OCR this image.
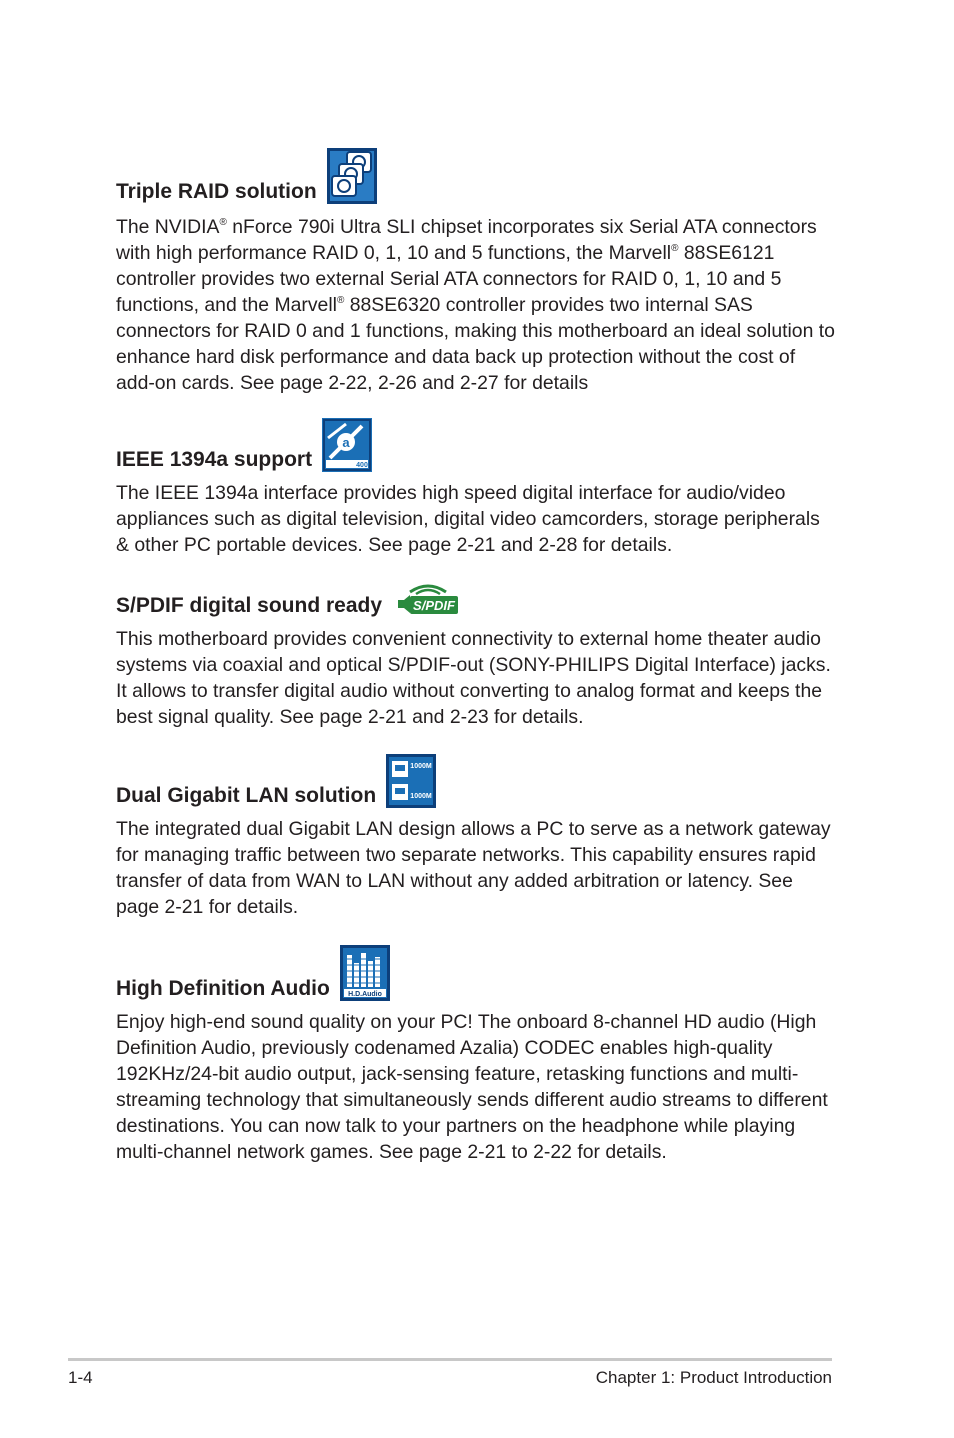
Triple RAID solution
The NVIDIA® nForce 790i Ultra SLI chipset incorporates six Serial ATA connectors with high performance RAID 0, 1, 10 and 5 functions, the Marvell® 88SE6121 controller provides two external Serial ATA connectors for RAID 0, 1, 10 and 5 functions, and the Marvell® 88SE6320 controller provides two internal SAS connectors for RAID 0 and 1 functions, making this motherboard an ideal solution to enhance hard disk performance and data back up protection without the cost of add-on cards. See page 2-22, 2-26 and 2-27 for details
IEEE 1394a support
a
400
The IEEE 1394a interface provides high speed digital interface for audio/video appliances such as digital television, digital video camcorders, storage peripherals & other PC portable devices. See page 2-21 and 2-28 for details.
S/PDIF digital sound ready S/PDIF
This motherboard provides convenient connectivity to external home theater audio systems via coaxial and optical S/PDIF-out (SONY-PHILIPS Digital Interface) jacks. It allows to transfer digital audio without converting to analog format and keeps the best signal quality. See page 2-21 and 2-23 for details.
Dual Gigabit LAN solution
1000M
1000M
The integrated dual Gigabit LAN design allows a PC to serve as a network gateway for managing traffic between two separate networks. This capability ensures rapid transfer of data from WAN to LAN without any added arbitration or latency. See page 2-21 for details.
High Definition Audio	H.D.Audio
Enjoy high-end sound quality on your PC! The onboard 8-channel HD audio (High Definition Audio, previously codenamed Azalia) CODEC enables high-quality 192KHz/24-bit audio output, jack-sensing feature, retasking functions and multi-streaming technology that simultaneously sends different audio streams to different destinations. You can now talk to your partners on the headphone while playing multi-channel network games. See page 2-21 to 2-22 for details.
1-4	Chapter 1: Product Introduction
